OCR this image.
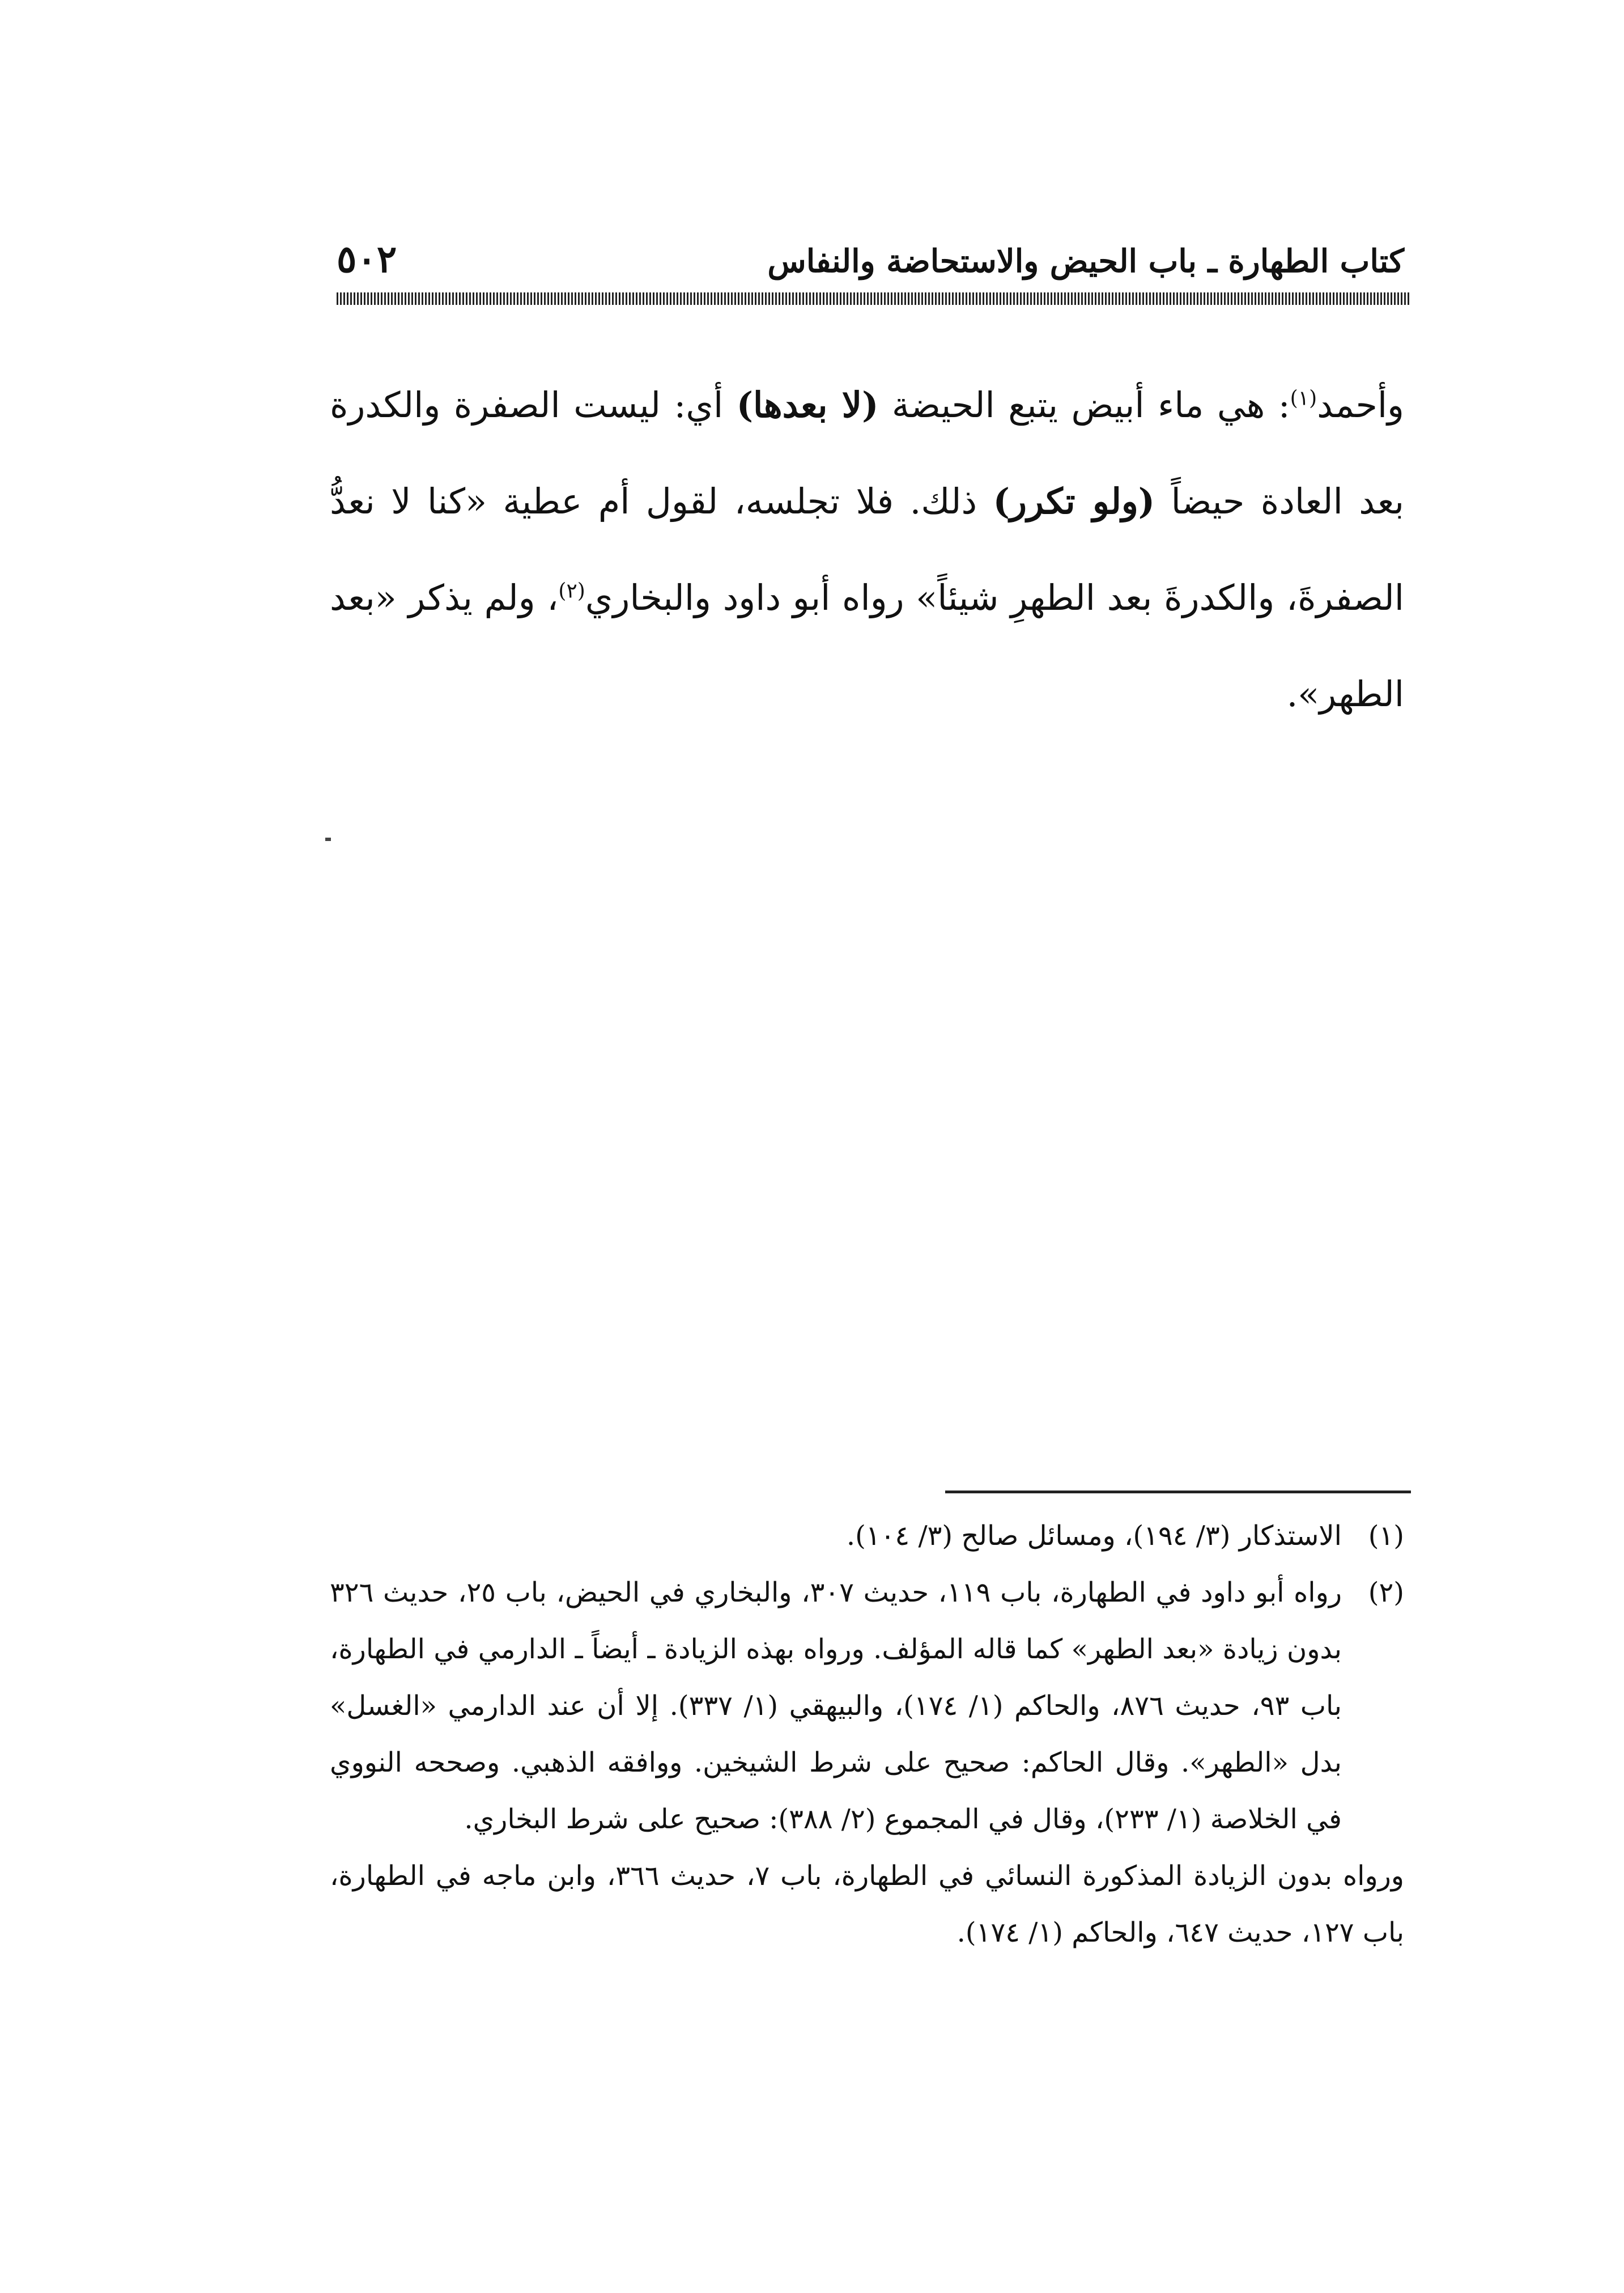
كتاب الطهارة ـ باب الحيض والاستحاضة والنفاس
٥٠٢
وأحمد$^{(١)}$: هي ماء أبيض يتبع الحيضة (لا بعدها) أي: ليست الصفرة والكدرة بعد العادة حيضاً (ولو تكرر) ذلك. فلا تجلسه، لقول أم عطية «كنا لا نعدُّ الصفرةَ، والكدرةَ بعد الطهرِ شيئاً» رواه أبو داود والبخاري$^{(٢)}$، ولم يذكر «بعد الطهر».
(١)
الاستذكار (٣/ ١٩٤)، ومسائل صالح (٣/ ١٠٤).
(٢)
رواه أبو داود في الطهارة، باب ١١٩، حديث ٣٠٧، والبخاري في الحيض، باب ٢٥، حديث ٣٢٦ بدون زيادة «بعد الطهر» كما قاله المؤلف. ورواه بهذه الزيادة ـ أيضاً ـ الدارمي في الطهارة، باب ٩٣، حديث ٨٧٦، والحاكم (١/ ١٧٤)، والبيهقي (١/ ٣٣٧). إلا أن عند الدارمي «الغسل» بدل «الطهر». وقال الحاكم: صحيح على شرط الشيخين. ووافقه الذهبي. وصححه النووي في الخلاصة (١/ ٢٣٣)، وقال في المجموع (٢/ ٣٨٨): صحيح على شرط البخاري.
ورواه بدون الزيادة المذكورة النسائي في الطهارة، باب ٧، حديث ٣٦٦، وابن ماجه في الطهارة، باب ١٢٧، حديث ٦٤٧، والحاكم (١/ ١٧٤).
